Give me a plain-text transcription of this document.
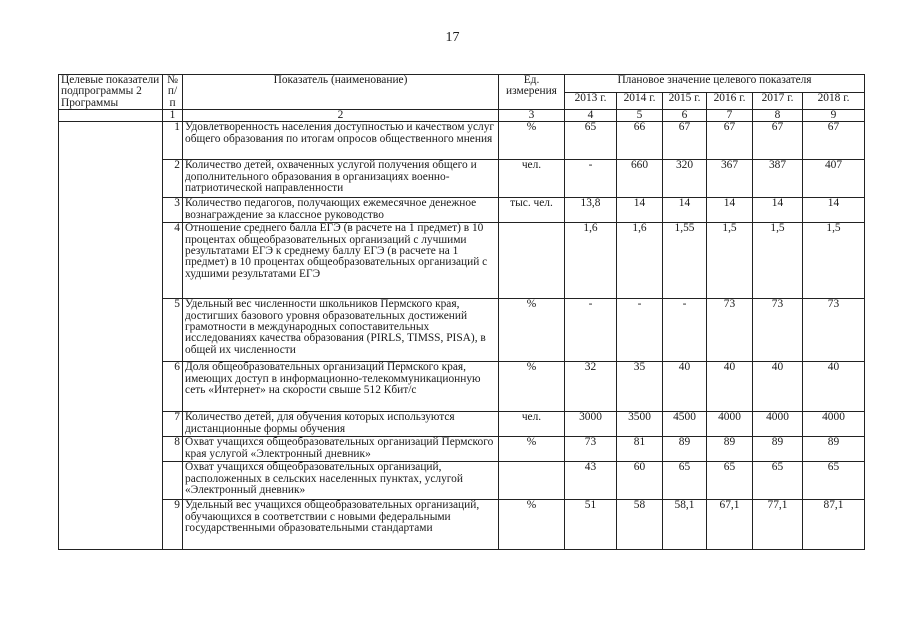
17
Целевые показатели подпрограммы 2 Программы	№ п/п	Показатель (наименование)	Ед. измерения	Плановое значение целевого показателя					
				2013 г.	2014 г.	2015 г.	2016 г.	2017 г.	2018 г.
	1	2	3	4	5	6	7	8	9
	1	Удовлетворенность населения доступностью и качеством услуг общего образования по итогам опросов общественного мнения	%	65	66	67	67	67	67
	2	Количество детей, охваченных услугой получения общего и дополнительного образования в организациях военно-патриотической направленности	чел.	-	660	320	367	387	407
	3	Количество педагогов, получающих ежемесячное денежное вознаграждение за классное руководство	тыс. чел.	13,8	14	14	14	14	14
	4	Отношение среднего балла ЕГЭ (в расчете на 1 предмет) в 10 процентах общеобразовательных организаций с лучшими результатами ЕГЭ к среднему баллу ЕГЭ (в расчете на 1 предмет) в 10 процентах общеобразовательных организаций с худшими результатами ЕГЭ		1,6	1,6	1,55	1,5	1,5	1,5
	5	Удельный вес численности школьников Пермского края, достигших базового уровня образовательных достижений грамотности в международных сопоставительных исследованиях качества образования (PIRLS, TIMSS, PISA), в общей их численности	%	-	-	-	73	73	73
	6	Доля общеобразовательных организаций Пермского края, имеющих доступ в информационно-телекоммуникационную сеть «Интернет» на скорости свыше 512 Кбит/с	%	32	35	40	40	40	40
	7	Количество детей, для обучения которых используются дистанционные формы обучения	чел.	3000	3500	4500	4000	4000	4000
	8	Охват учащихся общеобразовательных организаций Пермского края услугой «Электронный дневник»	%	73	81	89	89	89	89
		Охват учащихся общеобразовательных организаций, расположенных в сельских населенных пунктах, услугой «Электронный дневник»		43	60	65	65	65	65
	9	Удельный вес учащихся общеобразовательных организаций, обучающихся в соответствии с новыми федеральными государственными образовательными стандартами	%	51	58	58,1	67,1	77,1	87,1
